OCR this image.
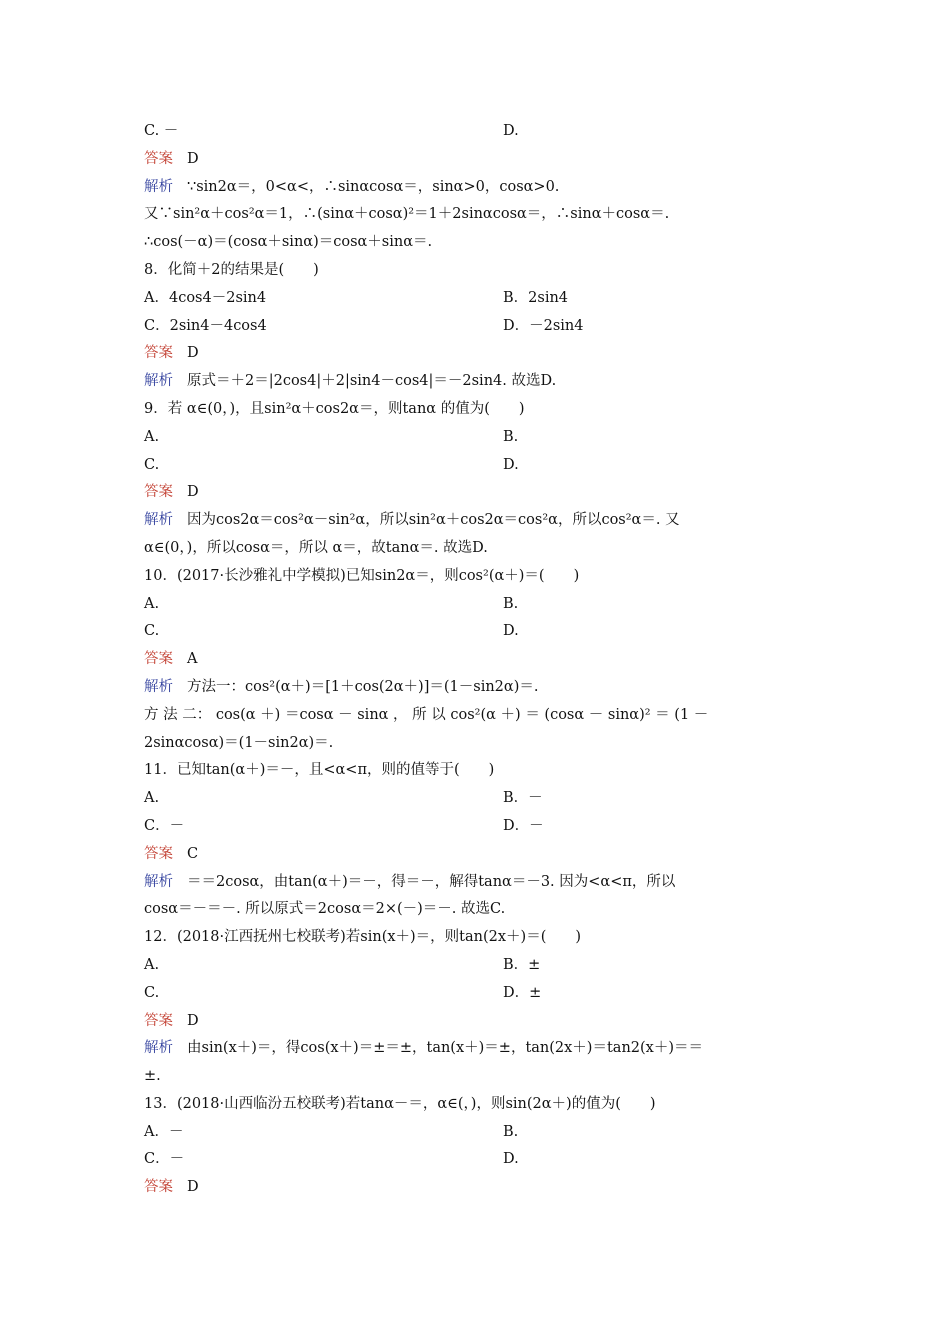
C. －	D.
答案 D
解析 ∵sin2α＝，0<α<，∴sinαcosα＝，sinα>0，cosα>0.
又∵sin²α＋cos²α＝1，∴(sinα＋cosα)²＝1＋2sinαcosα＝，∴sinα＋cosα＝.
∴cos(－α)＝(cosα＋sinα)＝cosα＋sinα＝.
8．化简＋2的结果是(　　)
A．4cos4－2sin4	B．2sin4
C．2sin4－4cos4	D．－2sin4
答案 D
解析 原式＝＋2＝|2cos4|＋2|sin4－cos4|＝－2sin4. 故选D.
9．若 α∈(0，)，且sin²α＋cos2α＝，则tanα 的值为(　　)
A.	B.
C.	D.
答案 D
解析 因为cos2α＝cos²α－sin²α，所以sin²α＋cos2α＝cos²α，所以cos²α＝. 又
α∈(0，)，所以cosα＝，所以 α＝，故tanα＝. 故选D.
10．(2017·长沙雅礼中学模拟)已知sin2α＝，则cos²(α＋)＝(　　)
A.	B.
C.	D.
答案 A
解析 方法一：cos²(α＋)＝[1＋cos(2α＋)]＝(1－sin2α)＝.
方 法 二： cos(α ＋) ＝cosα － sinα ， 所 以 cos²(α ＋) ＝ (cosα － sinα)² ＝ (1 －
2sinαcosα)＝(1－sin2α)＝.
11．已知tan(α＋)＝－，且<α<π，则的值等于(　　)
A.	B．－
C．－	D．－
答案 C
解析 ＝＝2cosα，由tan(α＋)＝－，得＝－，解得tanα＝－3. 因为<α<π，所以
cosα＝－＝－. 所以原式＝2cosα＝2×(－)＝－. 故选C.
12．(2018·江西抚州七校联考)若sin(x＋)＝，则tan(2x＋)＝(　　)
A.	B．±
C.	D．±
答案 D
解析 由sin(x＋)＝，得cos(x＋)＝±＝±，tan(x＋)＝±，tan(2x＋)＝tan2(x＋)＝＝
±.
13．(2018·山西临汾五校联考)若tanα－＝，α∈(，)，则sin(2α＋)的值为(　　)
A．－	B.
C．－	D.
答案 D
